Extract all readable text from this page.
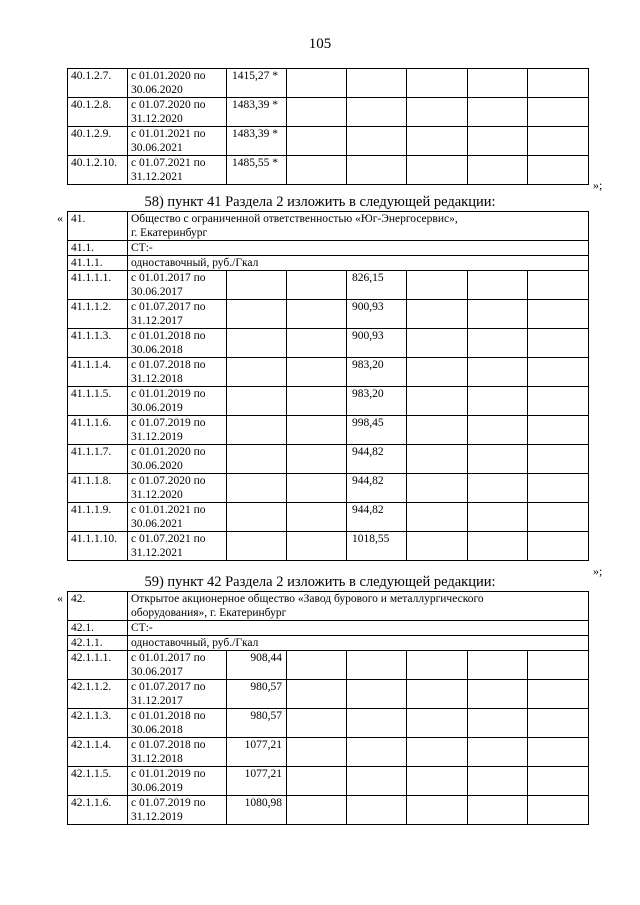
105
40.1.2.7.	с 01.01.2020 по
30.06.2020	1415,27 *					
40.1.2.8.	с 01.07.2020 по
31.12.2020	1483,39 *					
40.1.2.9.	с 01.01.2021 по
30.06.2021	1483,39 *					
40.1.2.10.	с 01.07.2021 по
31.12.2021	1485,55 *					
»;
58) пункт 41 Раздела 2 изложить в следующей редакции:
« 41.	Общество с ограниченной ответственностью «Юг-Энергосервис»,
г. Екатеринбург						

41.1.	СТ:-						
41.1.1.	одноставочный, руб./Гкал						
41.1.1.1.	с 01.01.2017 по
30.06.2017			826,15			
41.1.1.2.	с 01.07.2017 по
31.12.2017			900,93			
41.1.1.3.	с 01.01.2018 по
30.06.2018			900,93			
41.1.1.4.	с 01.07.2018 по
31.12.2018			983,20			
41.1.1.5.	с 01.01.2019 по
30.06.2019			983,20			
41.1.1.6.	с 01.07.2019 по
31.12.2019			998,45			
41.1.1.7.	с 01.01.2020 по
30.06.2020			944,82			
41.1.1.8.	с 01.07.2020 по
31.12.2020			944,82			
41.1.1.9.	с 01.01.2021 по
30.06.2021			944,82			
41.1.1.10.	с 01.07.2021 по
31.12.2021			1018,55			
»;
59) пункт 42 Раздела 2 изложить в следующей редакции:
« 42.	Открытое акционерное общество «Завод бурового и металлургического
оборудования», г. Екатеринбург						

42.1.	СТ:-						
42.1.1.	одноставочный, руб./Гкал						
42.1.1.1.	с 01.01.2017 по
30.06.2017	908,44					
42.1.1.2.	с 01.07.2017 по
31.12.2017	980,57					
42.1.1.3.	с 01.01.2018 по
30.06.2018	980,57					
42.1.1.4.	с 01.07.2018 по
31.12.2018	1077,21					
42.1.1.5.	с 01.01.2019 по
30.06.2019	1077,21					
42.1.1.6.	с 01.07.2019 по
31.12.2019	1080,98					
